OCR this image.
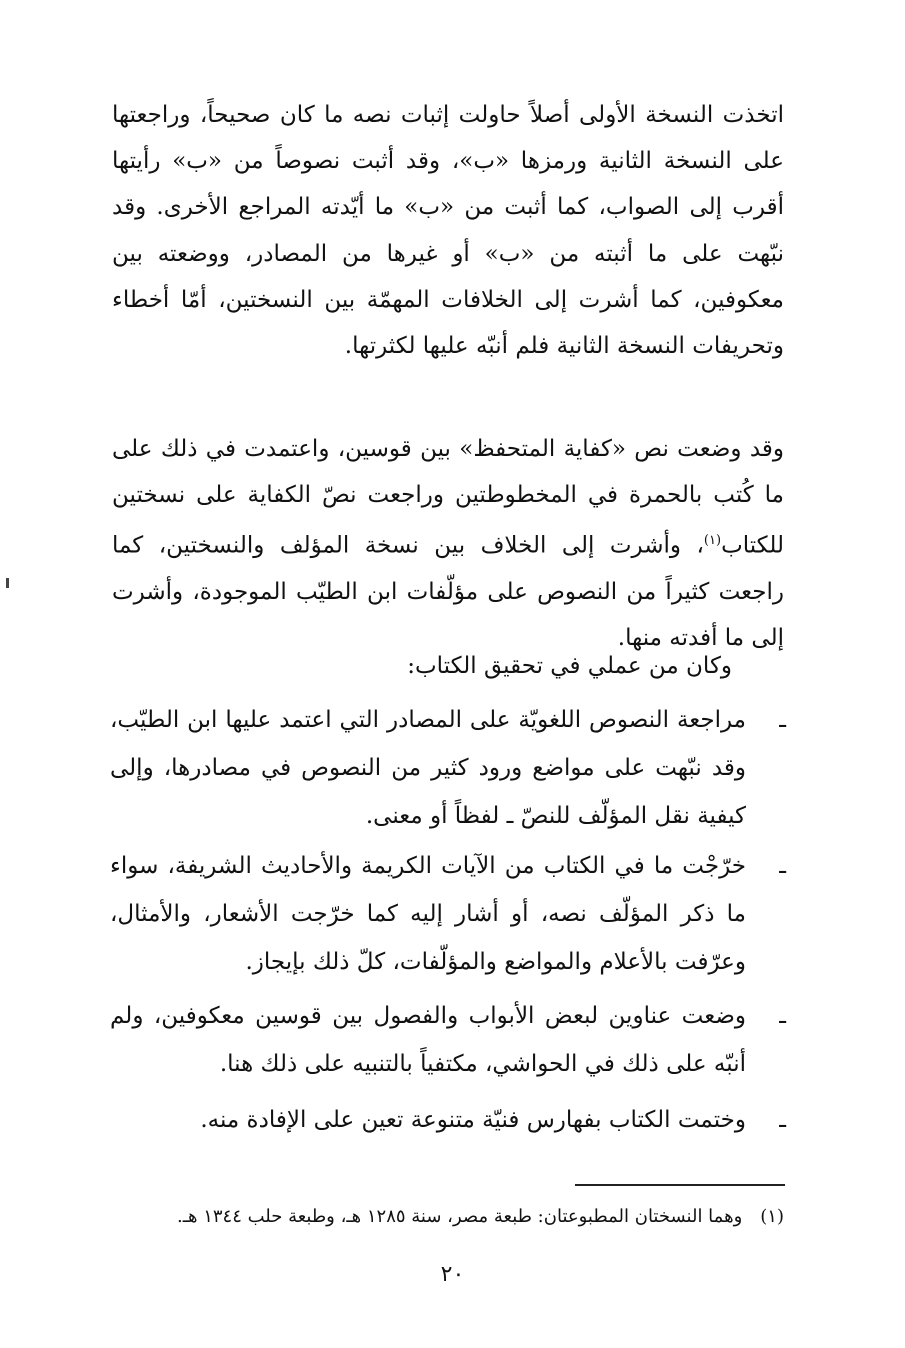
اتخذت النسخة الأولى أصلاً حاولت إثبات نصه ما كان صحيحاً، وراجعتها على النسخة الثانية ورمزها «ب»، وقد أثبت نصوصاً من «ب» رأيتها أقرب إلى الصواب، كما أثبت من «ب» ما أيّدته المراجع الأخرى. وقد نبّهت على ما أثبته من «ب» أو غيرها من المصادر، ووضعته بين معكوفين، كما أشرت إلى الخلافات المهمّة بين النسختين، أمّا أخطاء وتحريفات النسخة الثانية فلم أنبّه عليها لكثرتها.

وقد وضعت نص «كفاية المتحفظ» بين قوسين، واعتمدت في ذلك على ما كُتب بالحمرة في المخطوطتين وراجعت نصّ الكفاية على نسختين للكتاب$^{(١)}$، وأشرت إلى الخلاف بين نسخة المؤلف والنسختين، كما راجعت كثيراً من النصوص على مؤلّفات ابن الطيّب الموجودة، وأشرت إلى ما أفدته منها.

وكان من عملي في تحقيق الكتاب:

ـ
مراجعة النصوص اللغويّة على المصادر التي اعتمد عليها ابن الطيّب، وقد نبّهت على مواضع ورود كثير من النصوص في مصادرها، وإلى كيفية نقل المؤلّف للنصّ ـ لفظاً أو معنى.

ـ
خرّجْت ما في الكتاب من الآيات الكريمة والأحاديث الشريفة، سواء ما ذكر المؤلّف نصه، أو أشار إليه كما خرّجت الأشعار، والأمثال، وعرّفت بالأعلام والمواضع والمؤلّفات، كلّ ذلك بإيجاز.

ـ
وضعت عناوين لبعض الأبواب والفصول بين قوسين معكوفين، ولم أنبّه على ذلك في الحواشي، مكتفياً بالتنبيه على ذلك هنا.

ـ
وختمت الكتاب بفهارس فنيّة متنوعة تعين على الإفادة منه.

(١)وهما النسختان المطبوعتان: طبعة مصر، سنة ١٢٨٥ هـ، وطبعة حلب ١٣٤٤ هـ.

٢٠
